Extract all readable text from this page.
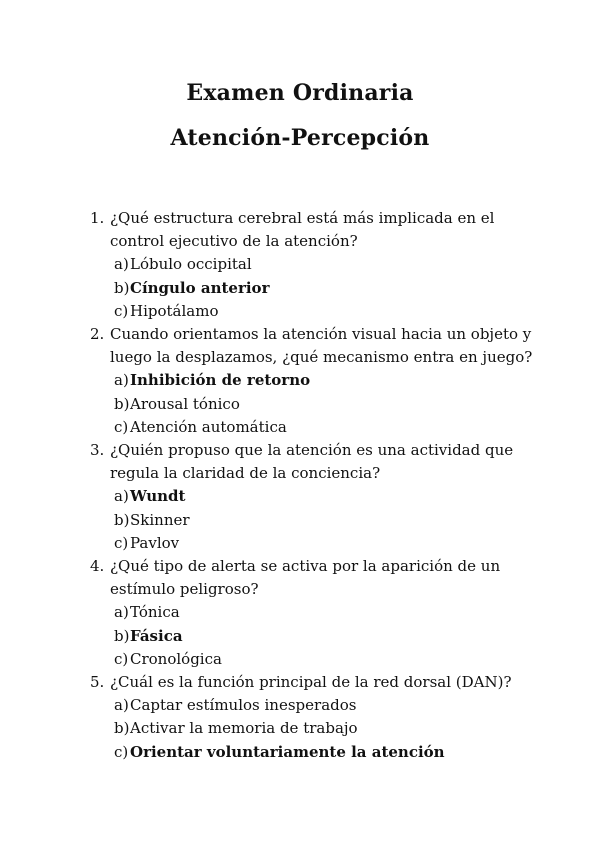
Examen Ordinaria
Atención-Percepción
1. ¿Qué estructura cerebral está más implicada en el control ejecutivo de la atención?
a)Lóbulo occipital
b)Cíngulo anterior
c) Hipotálamo
2. Cuando orientamos la atención visual hacia un objeto y luego la desplazamos, ¿qué mecanismo entra en juego?
a)Inhibición de retorno
b)Arousal tónico
c) Atención automática
3. ¿Quién propuso que la atención es una actividad que regula la claridad de la conciencia?
a)Wundt
b)Skinner
c) Pavlov
4. ¿Qué tipo de alerta se activa por la aparición de un estímulo peligroso?
a)Tónica
b)Fásica
c) Cronológica
5. ¿Cuál es la función principal de la red dorsal (DAN)?
a)Captar estímulos inesperados
b)Activar la memoria de trabajo
c) Orientar voluntariamente la atención
